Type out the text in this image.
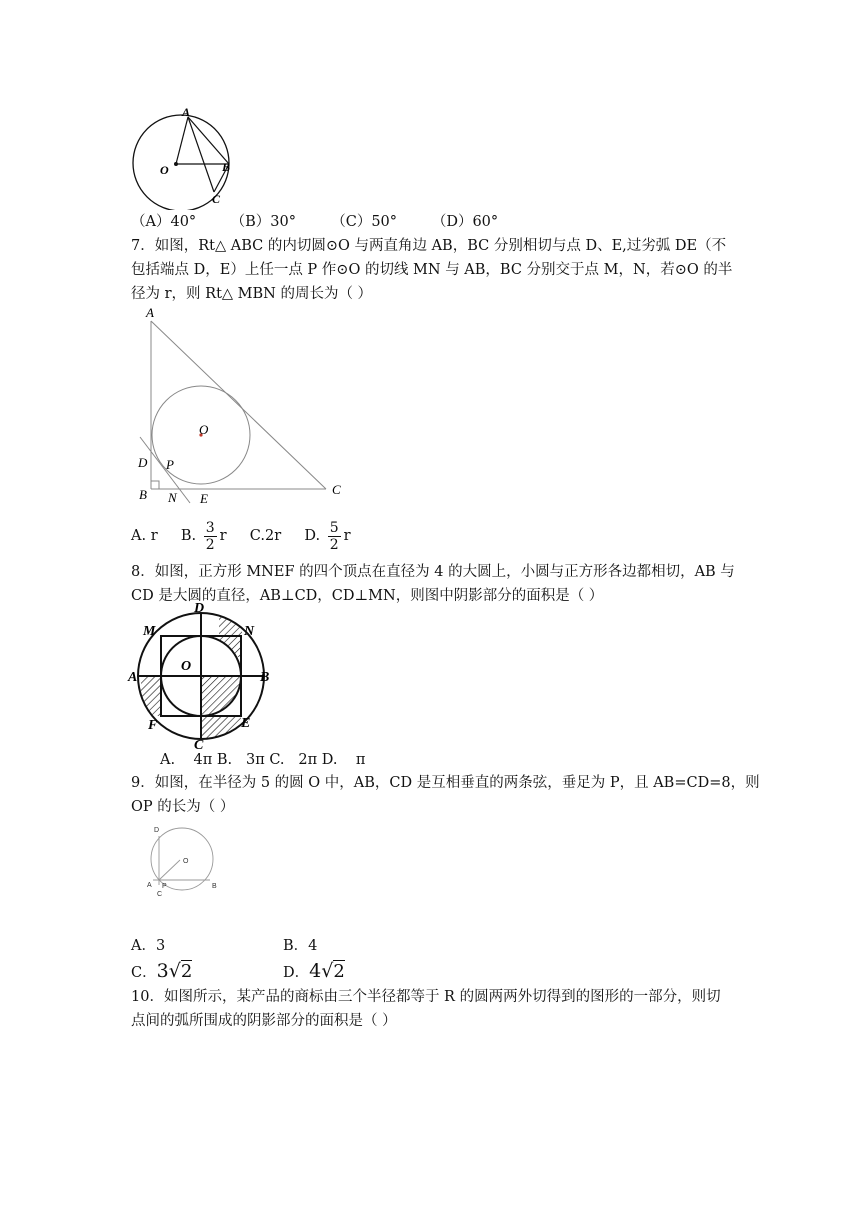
A
O	B
C
（A）40° （B）30° （C）50° （D）60°
7．如图，Rt△ ABC 的内切圆⊙O 与两直角边 AB，BC 分别相切与点 D、E,过劣弧 DE（不
包括端点 D，E）上任一点 P 作⊙O 的切线 MN 与 AB，BC 分别交于点 M，N，若⊙O 的半
径为 r，则 Rt△ MBN 的周长为（ ）
A
O
D P
B N E
C
A. r B. $\frac{3}{2}$ r C.2r D. $\frac{5}{2}$ r
8．如图，正方形 MNEF 的四个顶点在直径为 4 的大圆上，小圆与正方形各边都相切，AB 与
CD 是大圆的直径，AB⊥CD，CD⊥MN，则图中阴影部分的面积是（ ）
D
M	N
A
O
B
F	E
C
A.    4π B.   3π C.   2π D.    π
9．如图，在半径为 5 的圆 O 中，AB，CD 是互相垂直的两条弦，垂足为 P，且 AB=CD=8，则
OP 的长为（ ）
D
O
A P	B
C
A．3	B．4
C．3√2	D．4√2
10．如图所示，某产品的商标由三个半径都等于 R 的圆两两外切得到的图形的一部分，则切
点间的弧所围成的阴影部分的面积是（ ）
